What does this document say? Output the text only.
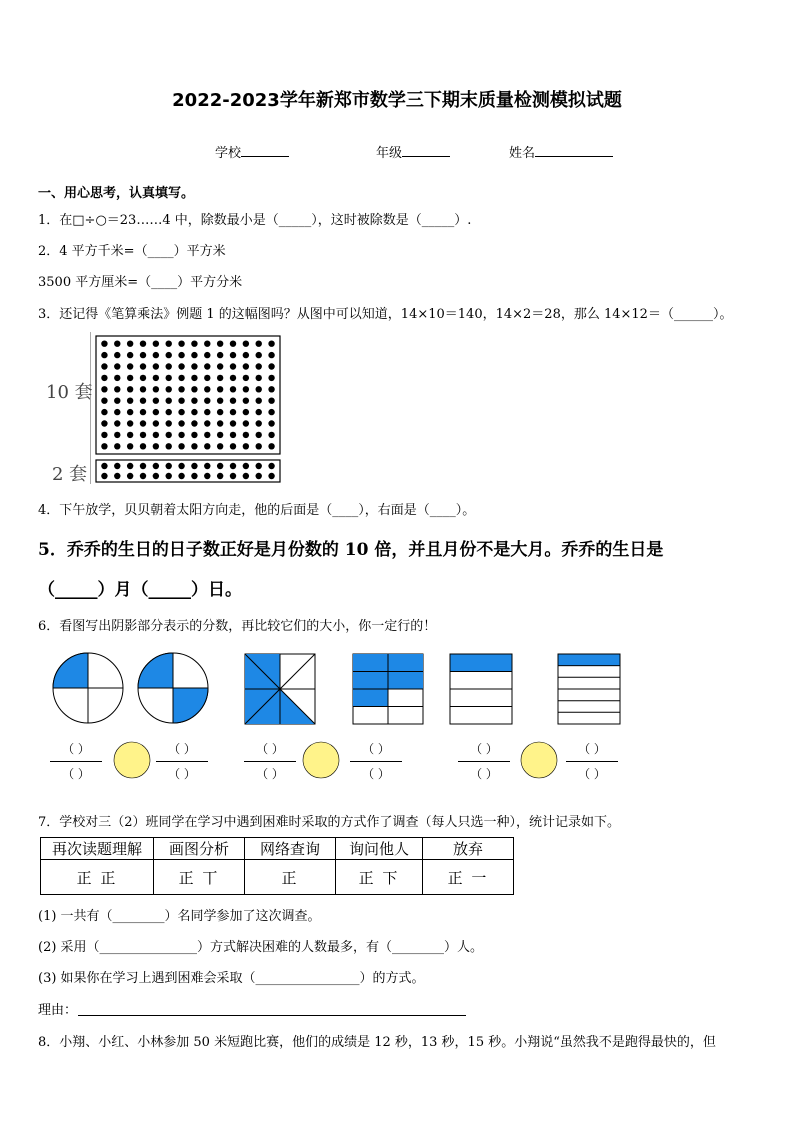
2022-2023学年新郑市数学三下期末质量检测模拟试题
学校	年级	姓名
一、用心思考，认真填写。
1．在□÷○＝23……4 中，除数最小是（_____），这时被除数是（_____）.
2．4 平方千米=（____）平方米
3500 平方厘米=（____）平方分米
3．还记得《笔算乘法》例题 1 的这幅图吗？从图中可以知道，14×10＝140，14×2＝28，那么 14×12＝（______）。
10 套
2 套
4．下午放学，贝贝朝着太阳方向走，他的后面是（____），右面是（____）。
5．乔乔的生日的日子数正好是月份数的 10 倍，并且月份不是大月。乔乔的生日是
（_____）月（_____）日。
6．看图写出阴影部分表示的分数，再比较它们的大小，你一定行的！
（ ）
（ ）
（ ）
（ ）
（ ）
（ ）
（ ）
（ ）
（ ）
（ ）
（ ）
（ ）
7．学校对三（2）班同学在学习中遇到困难时采取的方式作了调查（每人只选一种），统计记录如下。
再次读题理解	画图分析	网络查询	询问他人	放弃
正 正	正 丅	正	正 下	正 一
(1) 一共有（________）名同学参加了这次调查。
(2) 采用（_______________）方式解决困难的人数最多，有（________）人。
(3) 如果你在学习上遇到困难会采取（________________）的方式。
理由：
8．小翔、小红、小林参加 50 米短跑比赛，他们的成绩是 12 秒，13 秒，15 秒。小翔说“虽然我不是跑得最快的，但
